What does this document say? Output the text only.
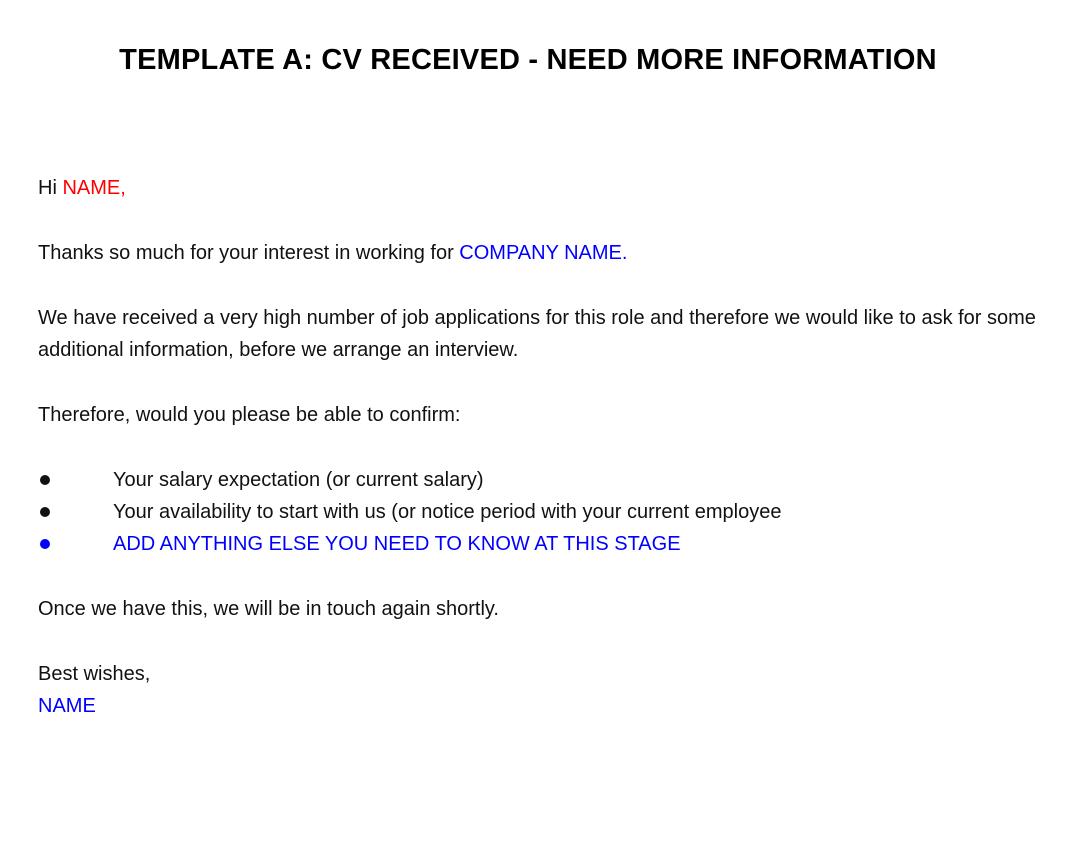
TEMPLATE A: CV RECEIVED - NEED MORE INFORMATION

Hi NAME,

Thanks so much for your interest in working for COMPANY NAME.

We have received a very high number of job applications for this role and therefore we would like to ask for some additional information, before we arrange an interview.

Therefore, would you please be able to confirm:

Your salary expectation (or current salary)
Your availability to start with us (or notice period with your current employee
ADD ANYTHING ELSE YOU NEED TO KNOW AT THIS STAGE

Once we have this, we will be in touch again shortly.

Best wishes,
NAME
